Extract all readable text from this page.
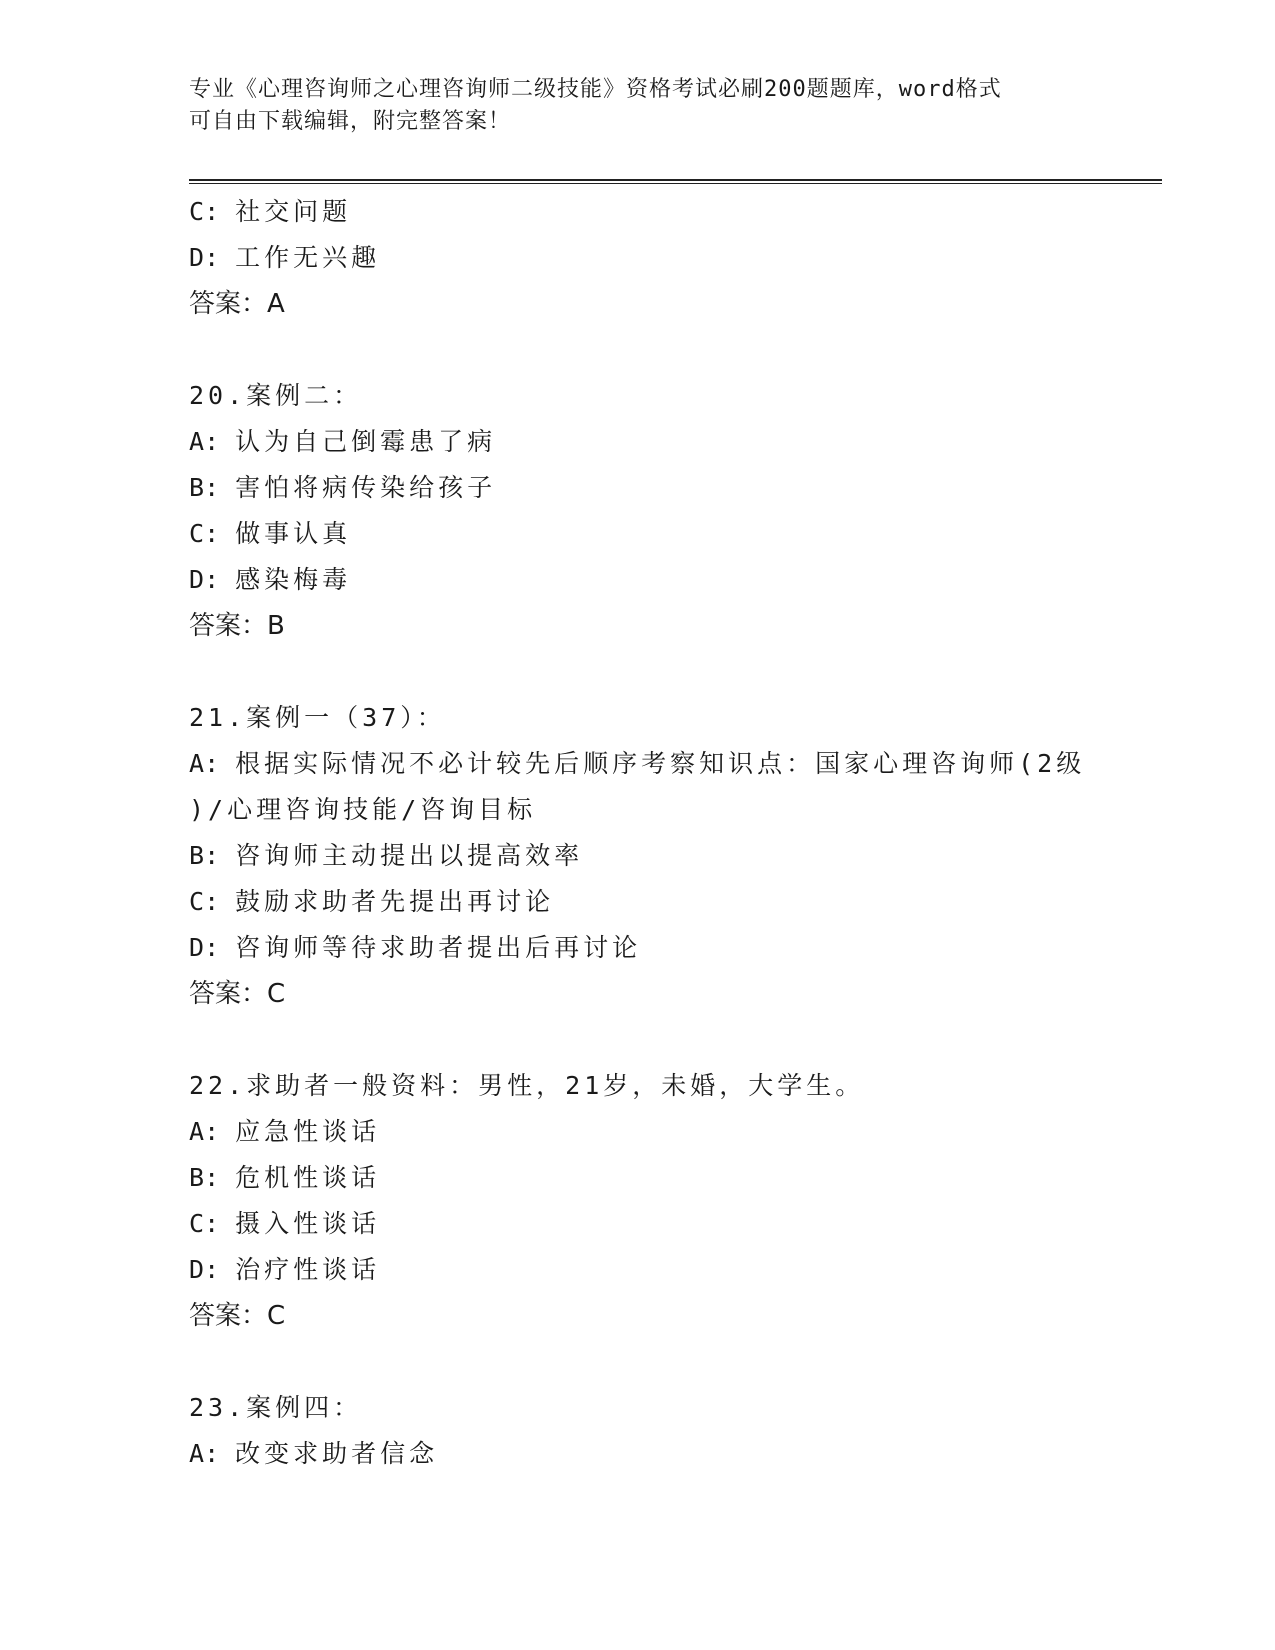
专业《心理咨询师之心理咨询师二级技能》资格考试必刷200题题库，word格式
可自由下载编辑，附完整答案！
C: 社交问题
D: 工作无兴趣
答案：A
20.案例二：
A: 认为自己倒霉患了病
B: 害怕将病传染给孩子
C: 做事认真
D: 感染梅毒
答案：B
21.案例一（37）：
A: 根据实际情况不必计较先后顺序考察知识点：国家心理咨询师(2级
)/心理咨询技能/咨询目标
B: 咨询师主动提出以提高效率
C: 鼓励求助者先提出再讨论
D: 咨询师等待求助者提出后再讨论
答案：C
22.求助者一般资料：男性，21岁，未婚，大学生。
A: 应急性谈话
B: 危机性谈话
C: 摄入性谈话
D: 治疗性谈话
答案：C
23.案例四：
A: 改变求助者信念
